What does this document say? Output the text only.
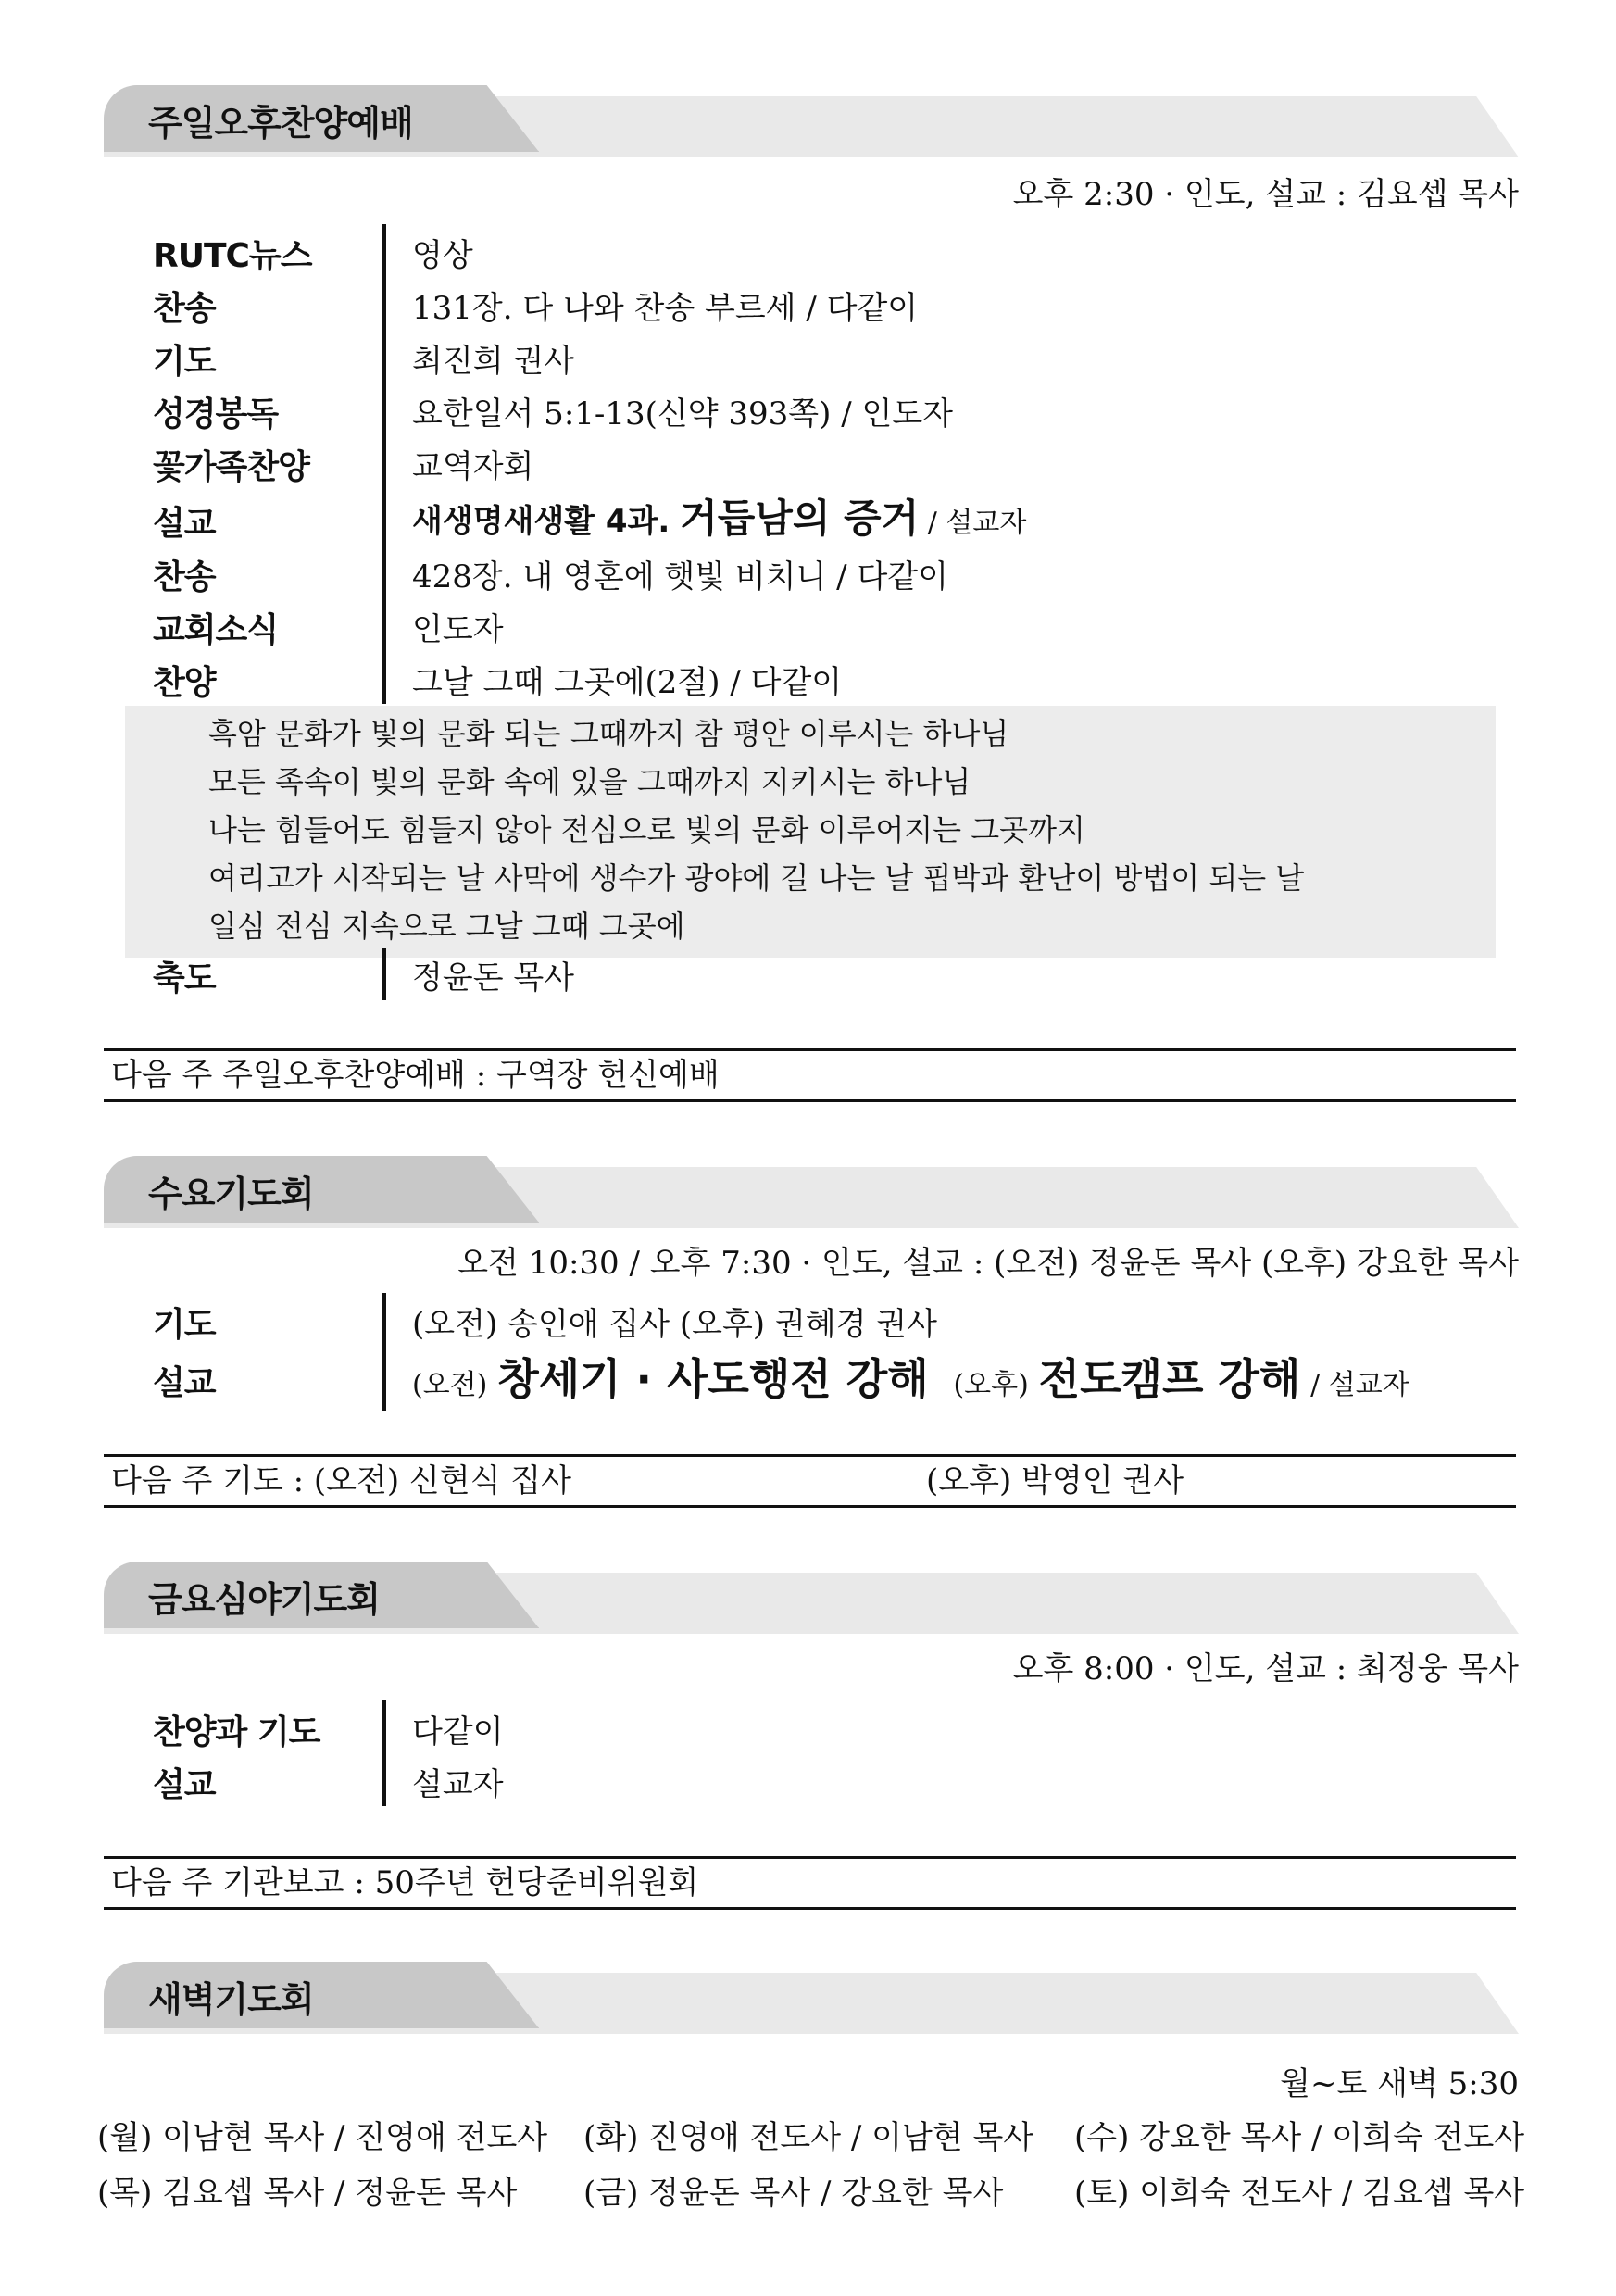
주일오후찬양예배
오후 2:30 · 인도, 설교 : 김요셉 목사
RUTC뉴스	영상
찬송	131장. 다 나와 찬송 부르세 / 다같이
기도	최진희 권사
성경봉독	요한일서 5:1-13(신약 393쪽) / 인도자
꽃가족찬양	교역자회
설교	새생명새생활 4과. 거듭남의 증거 / 설교자
찬송	428장. 내 영혼에 햇빛 비치니 / 다같이
교회소식	인도자
찬양	그날 그때 그곳에(2절) / 다같이
흑암 문화가 빛의 문화 되는 그때까지 참 평안 이루시는 하나님
모든 족속이 빛의 문화 속에 있을 그때까지 지키시는 하나님
나는 힘들어도 힘들지 않아 전심으로 빛의 문화 이루어지는 그곳까지
여리고가 시작되는 날 사막에 생수가 광야에 길 나는 날 핍박과 환난이 방법이 되는 날
일심 전심 지속으로 그날 그때 그곳에
축도	정윤돈 목사
다음 주 주일오후찬양예배 : 구역장 헌신예배
수요기도회
오전 10:30 / 오후 7:30 · 인도, 설교 : (오전) 정윤돈 목사 (오후) 강요한 목사
기도	(오전) 송인애 집사 (오후) 권혜경 권사
설교	(오전) 창세기 · 사도행전 강해 (오후) 전도캠프 강해 / 설교자
다음 주 기도 : (오전) 신현식 집사	(오후) 박영인 권사
금요심야기도회
오후 8:00 · 인도, 설교 : 최정웅 목사
찬양과 기도	다같이
설교	설교자
다음 주 기관보고 : 50주년 헌당준비위원회
새벽기도회
월~토 새벽 5:30
(월) 이남현 목사 / 진영애 전도사 (화) 진영애 전도사 / 이남현 목사 (수) 강요한 목사 / 이희숙 전도사
(목) 김요셉 목사 / 정윤돈 목사 (금) 정윤돈 목사 / 강요한 목사 (토) 이희숙 전도사 / 김요셉 목사
